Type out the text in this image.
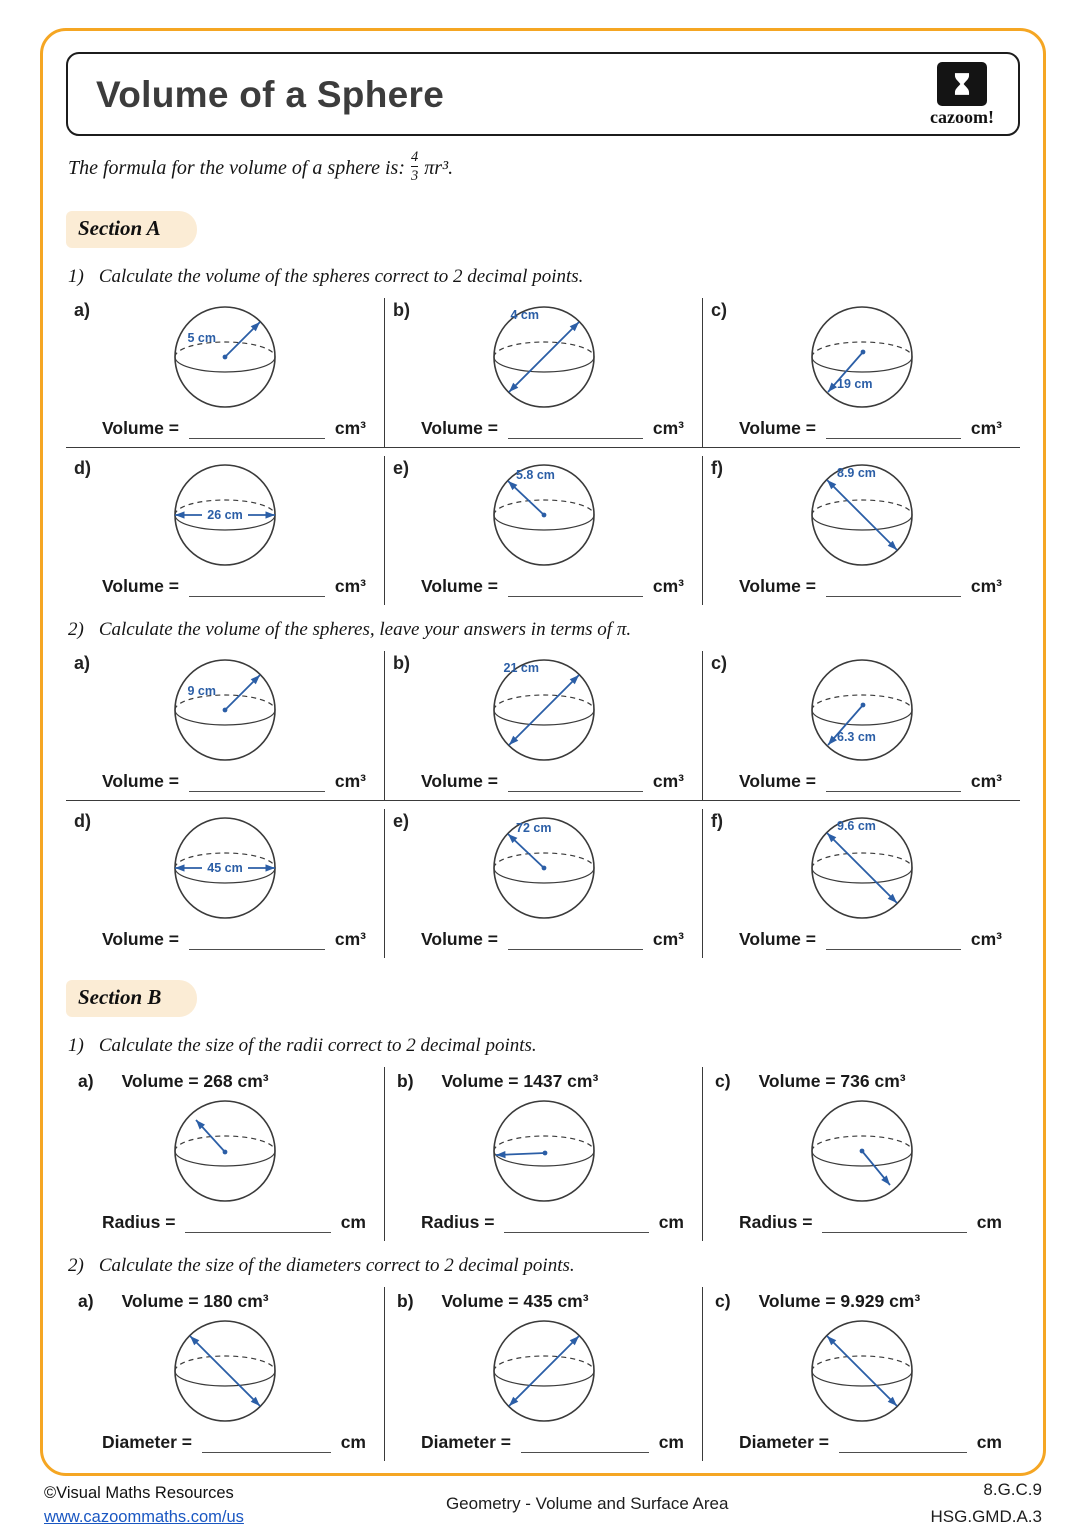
Volume of a Sphere
cazoom!

The formula for the volume of a sphere is: $\frac{4}{3} \pi r^3$.

Section A
1) Calculate the volume of the spheres correct to 2 decimal points.
a)
5 cm
Volume =	cm³
b)	4 cm
Volume =	cm³
c)
19 cm
Volume =	cm³
d)
26 cm
Volume =	cm³
e)	5.8 cm
Volume =	cm³
f)	8.9 cm
Volume =	cm³
2) Calculate the volume of the spheres, leave your answers in terms of π.
a)
9 cm
Volume =	cm³
b)	21 cm
Volume =	cm³
c)
6.3 cm
Volume =	cm³
d)
45 cm
Volume =	cm³
e)	72 cm
Volume =	cm³
f)	9.6 cm
Volume =	cm³
Section B
1) Calculate the size of the radii correct to 2 decimal points.
a) Volume = 268 cm³
Radius =	cm
b) Volume = 1437 cm³
Radius =	cm
c) Volume = 736 cm³
Radius =	cm
2) Calculate the size of the diameters correct to 2 decimal points.
a) Volume = 180 cm³
Diameter =	cm
b) Volume = 435 cm³
Diameter =	cm
c) Volume = 9.929 cm³
Diameter =	cm
©Visual Maths Resources
www.cazoommaths.com/us
Geometry - Volume and Surface Area
8.G.C.9
HSG.GMD.A.3
